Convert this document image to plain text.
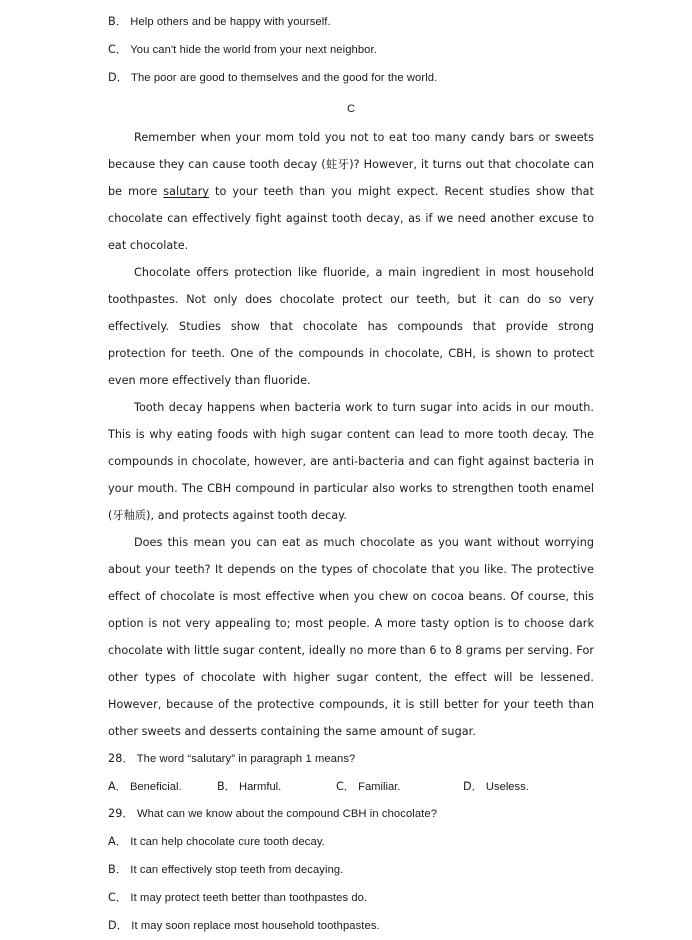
B． Help others and be happy with yourself.
C． You can't hide the world from your next neighbor.
D． The poor are good to themselves and the good for the world.
C

Remember when your mom told you not to eat too many candy bars or sweets because they can cause tooth decay (蛀牙)? However, it turns out that chocolate can be more salutary to your teeth than you might expect. Recent studies show that chocolate can effectively fight against tooth decay, as if we need another excuse to eat chocolate.

Chocolate offers protection like fluoride, a main ingredient in most household toothpastes. Not only does chocolate protect our teeth, but it can do so very effectively. Studies show that chocolate has compounds that provide strong protection for teeth. One of the compounds in chocolate, CBH, is shown to protect even more effectively than fluoride.

Tooth decay happens when bacteria work to turn sugar into acids in our mouth. This is why eating foods with high sugar content can lead to more tooth decay. The compounds in chocolate, however, are anti-bacteria and can fight against bacteria in your mouth. The CBH compound in particular also works to strengthen tooth enamel (牙釉质), and protects against tooth decay.

Does this mean you can eat as much chocolate as you want without worrying about your teeth? It depends on the types of chocolate that you like. The protective effect of chocolate is most effective when you chew on cocoa beans. Of course, this option is not very appealing to; most people. A more tasty option is to choose dark chocolate with little sugar content, ideally no more than 6 to 8 grams per serving. For other types of chocolate with higher sugar content, the effect will be lessened. However, because of the protective compounds, it is still better for your teeth than other sweets and desserts containing the same amount of sugar.

28． The word “salutary” in paragraph 1 means?
A． Beneficial.	B． Harmful.	C． Familiar.	D． Useless.
29． What can we know about the compound CBH in chocolate?
A． It can help chocolate cure tooth decay.
B． It can effectively stop teeth from decaying.
C． It may protect teeth better than toothpastes do.
D． It may soon replace most household toothpastes.
